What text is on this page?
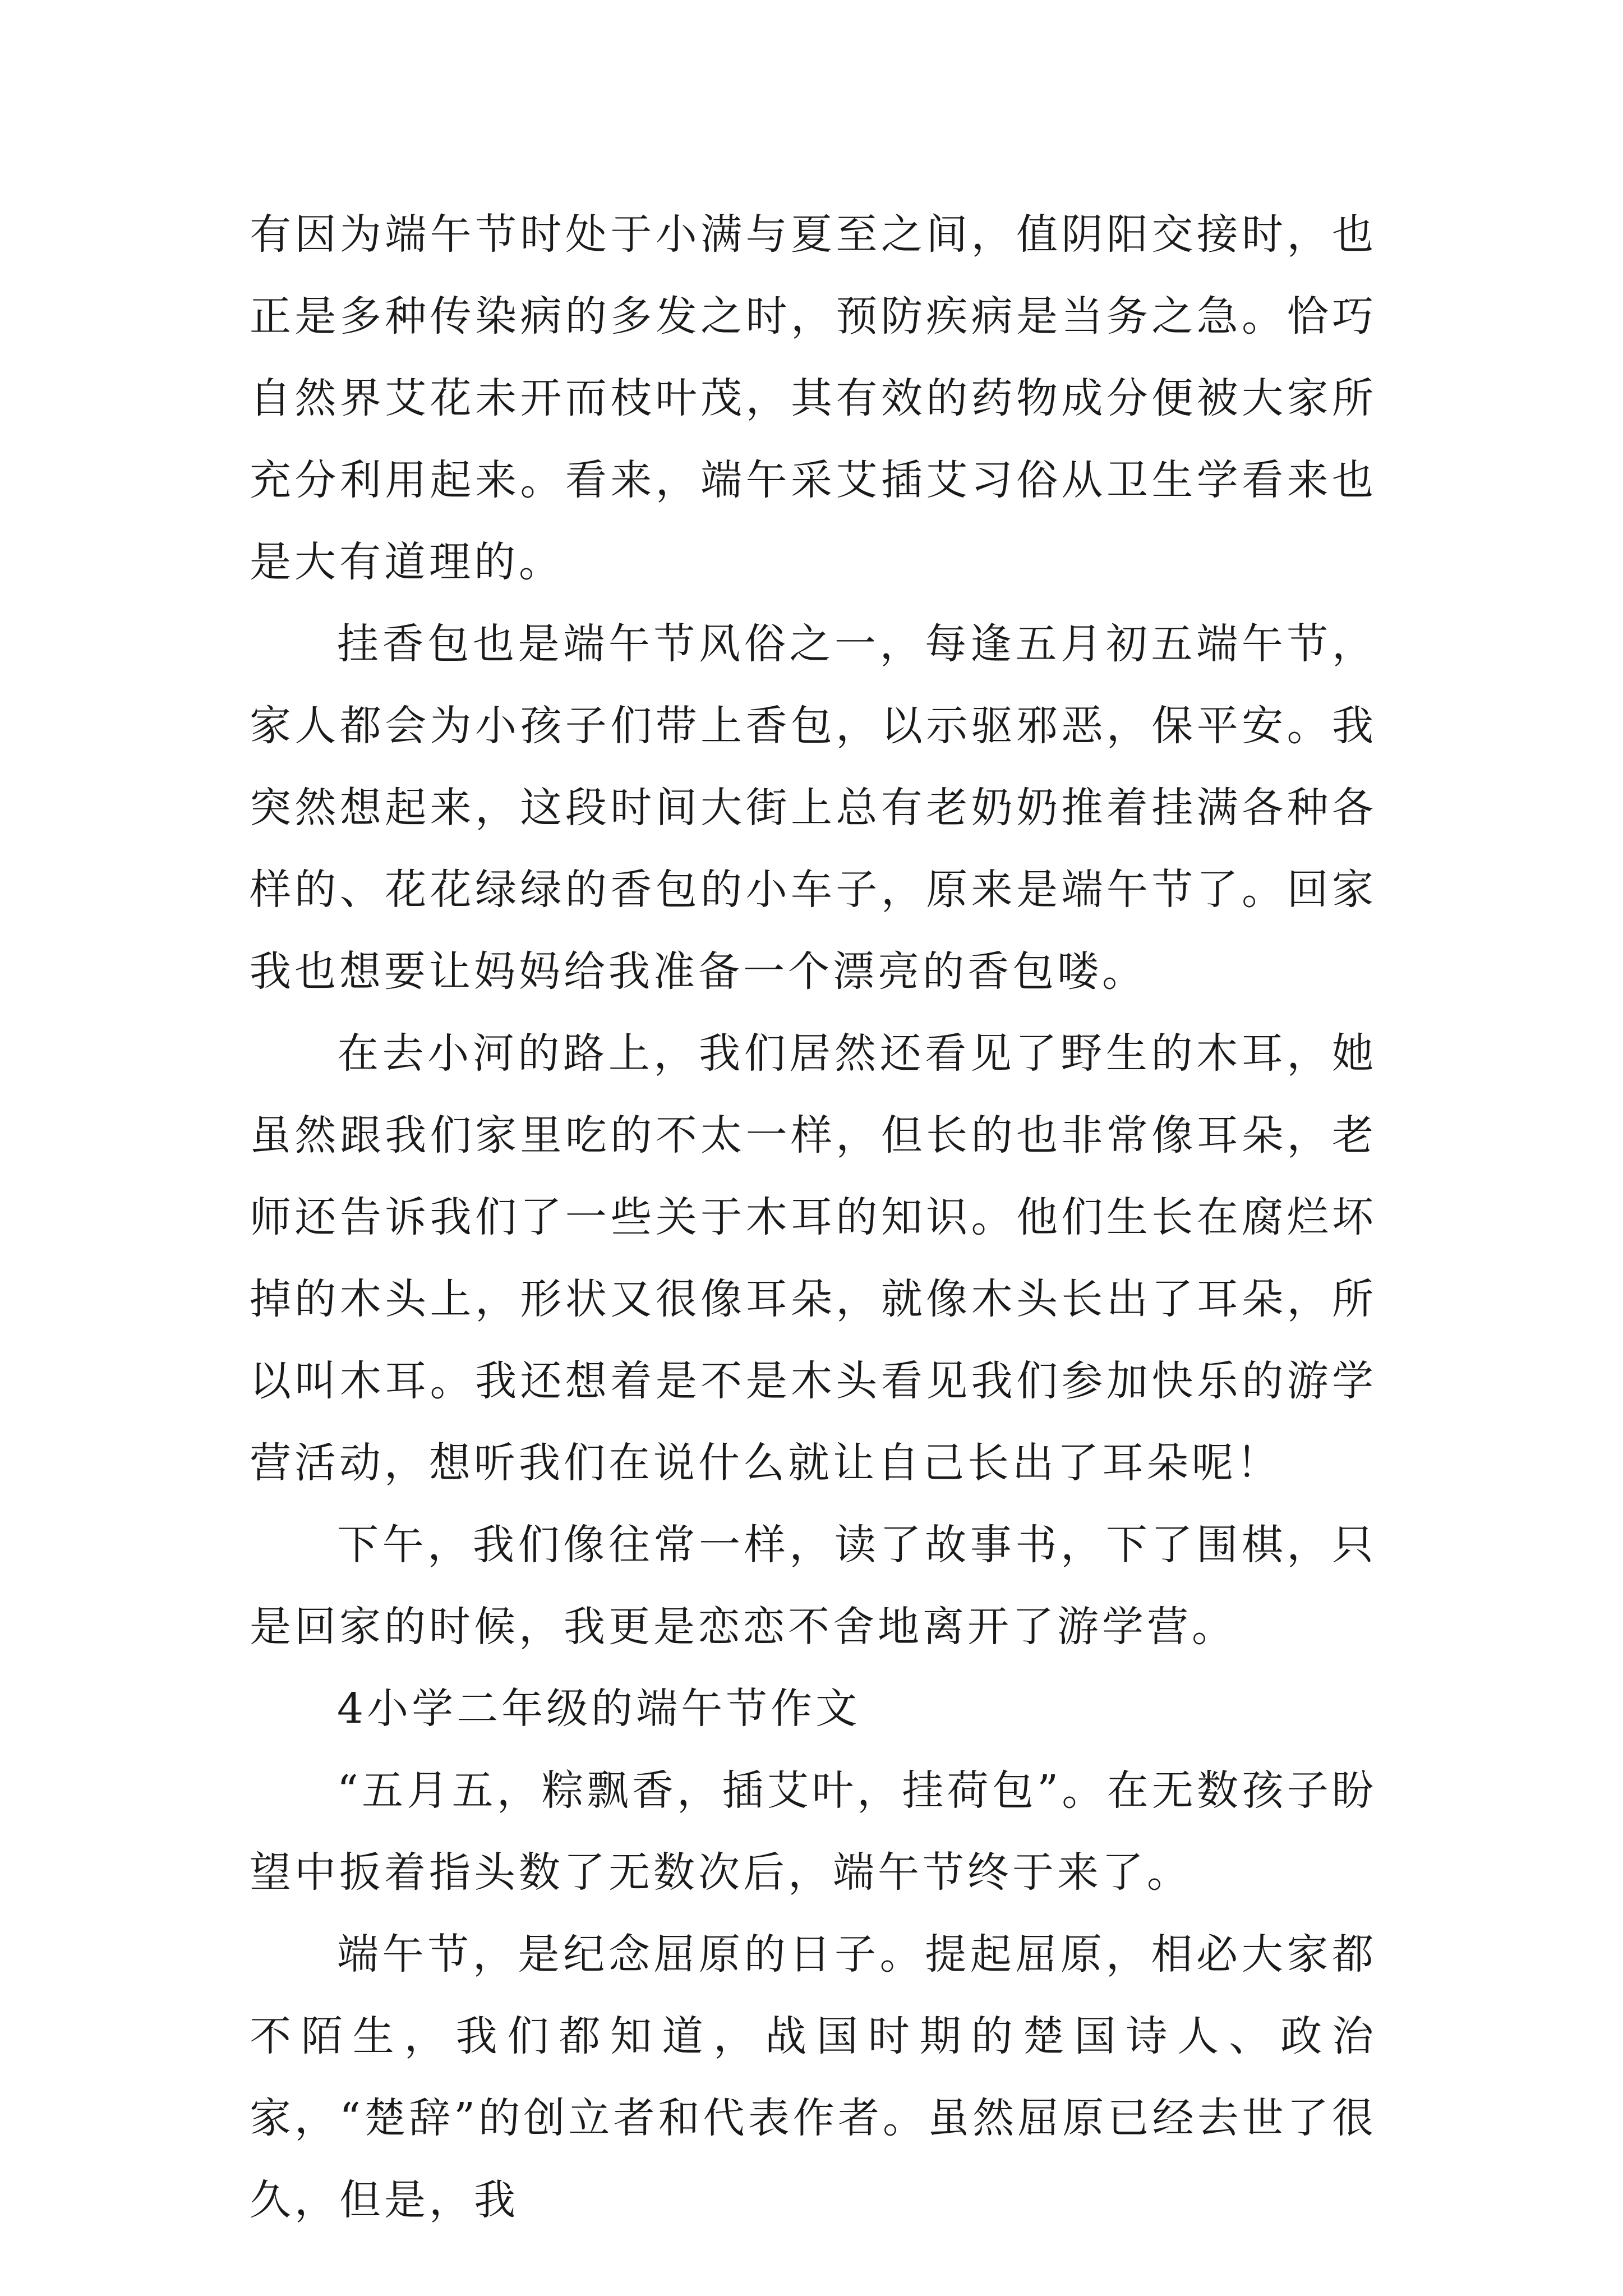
有因为端午节时处于小满与夏至之间，值阴阳交接时，也正是多种传染病的多发之时，预防疾病是当务之急。恰巧自然界艾花未开而枝叶茂，其有效的药物成分便被大家所充分利用起来。看来，端午采艾插艾习俗从卫生学看来也是大有道理的。

挂香包也是端午节风俗之一，每逢五月初五端午节，家人都会为小孩子们带上香包，以示驱邪恶，保平安。我突然想起来，这段时间大街上总有老奶奶推着挂满各种各样的、花花绿绿的香包的小车子，原来是端午节了。回家我也想要让妈妈给我准备一个漂亮的香包喽。

在去小河的路上，我们居然还看见了野生的木耳，她虽然跟我们家里吃的不太一样，但长的也非常像耳朵，老师还告诉我们了一些关于木耳的知识。他们生长在腐烂坏掉的木头上，形状又很像耳朵，就像木头长出了耳朵，所以叫木耳。我还想着是不是木头看见我们参加快乐的游学营活动，想听我们在说什么就让自己长出了耳朵呢！

下午，我们像往常一样，读了故事书，下了围棋，只是回家的时候，我更是恋恋不舍地离开了游学营。

4小学二年级的端午节作文

“五月五，粽飘香，插艾叶，挂荷包”。在无数孩子盼望中扳着指头数了无数次后，端午节终于来了。

端午节，是纪念屈原的日子。提起屈原，相必大家都不陌生，我们都知道，战国时期的楚国诗人、政治家，“楚辞”的创立者和代表作者。虽然屈原已经去世了很久，但是，我
